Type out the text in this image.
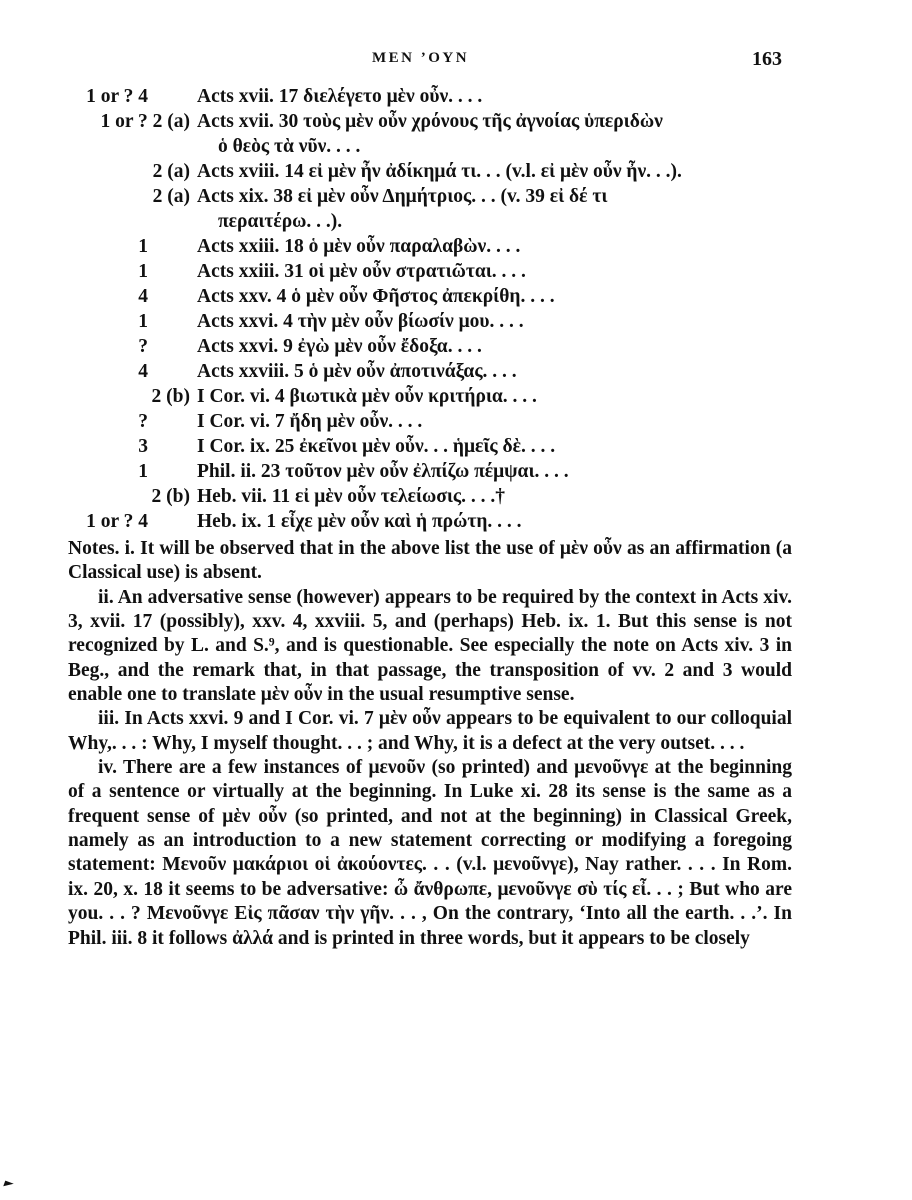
MEN ’OYN	163
1 or ? 4	Acts xvii. 17 διελέγετο μὲν οὖν. . . .
1 or ? 2 (a) Acts xvii. 30 τοὺς μὲν οὖν χρόνους τῆς ἀγνοίας ὑπεριδὼν
ὁ θεὸς τὰ νῦν. . . .
2 (a) Acts xviii. 14 εἰ μὲν ἦν ἀδίκημά τι. . . (v.l. εἰ μὲν οὖν ἦν. . .).
2 (a) Acts xix. 38 εἰ μὲν οὖν Δημήτριος. . . (v. 39 εἰ δέ τι
περαιτέρω. . .).
1	Acts xxiii. 18 ὁ μὲν οὖν παραλαβὼν. . . .
1	Acts xxiii. 31 οἱ μὲν οὖν στρατιῶται. . . .
4	Acts xxv. 4 ὁ μὲν οὖν Φῆστος ἀπεκρίθη. . . .
1	Acts xxvi. 4 τὴν μὲν οὖν βίωσίν μου. . . .
?	Acts xxvi. 9 ἐγὼ μὲν οὖν ἔδοξα. . . .
4	Acts xxviii. 5 ὁ μὲν οὖν ἀποτινάξας. . . .
2 (b) I Cor. vi. 4 βιωτικὰ μὲν οὖν κριτήρια. . . .
?	I Cor. vi. 7 ἤδη μὲν οὖν. . . .
3	I Cor. ix. 25 ἐκεῖνοι μὲν οὖν. . . ἡμεῖς δὲ. . . .
1	Phil. ii. 23 τοῦτον μὲν οὖν ἐλπίζω πέμψαι. . . .
2 (b) Heb. vii. 11 εἰ μὲν οὖν τελείωσις. . . .†
1 or ? 4	Heb. ix. 1 εἶχε μὲν οὖν καὶ ἡ πρώτη. . . .

Notes. i. It will be observed that in the above list the use of μὲν οὖν as an affirmation (a Classical use) is absent.

ii. An adversative sense (however) appears to be required by the context in Acts xiv. 3, xvii. 17 (possibly), xxv. 4, xxviii. 5, and (perhaps) Heb. ix. 1. But this sense is not recognized by L. and S.⁹, and is questionable. See especially the note on Acts xiv. 3 in Beg., and the remark that, in that passage, the transposition of vv. 2 and 3 would enable one to translate μὲν οὖν in the usual resumptive sense.

iii. In Acts xxvi. 9 and I Cor. vi. 7 μὲν οὖν appears to be equivalent to our colloquial Why,. . . : Why, I myself thought. . . ; and Why, it is a defect at the very outset. . . .

iv. There are a few instances of μενοῦν (so printed) and μενοῦνγε at the beginning of a sentence or virtually at the beginning. In Luke xi. 28 its sense is the same as a frequent sense of μὲν οὖν (so printed, and not at the beginning) in Classical Greek, namely as an introduction to a new statement correcting or modifying a foregoing statement: Μενοῦν μακάριοι οἱ ἀκούοντες. . . (v.l. μενοῦνγε), Nay rather. . . . In Rom. ix. 20, x. 18 it seems to be adversative: ὦ ἄνθρωπε, μενοῦνγε σὺ τίς εἶ. . . ; But who are you. . . ? Μενοῦνγε Εἰς πᾶσαν τὴν γῆν. . . , On the contrary, ‘Into all the earth. . .’. In Phil. iii. 8 it follows ἀλλά and is printed in three words, but it appears to be closely
